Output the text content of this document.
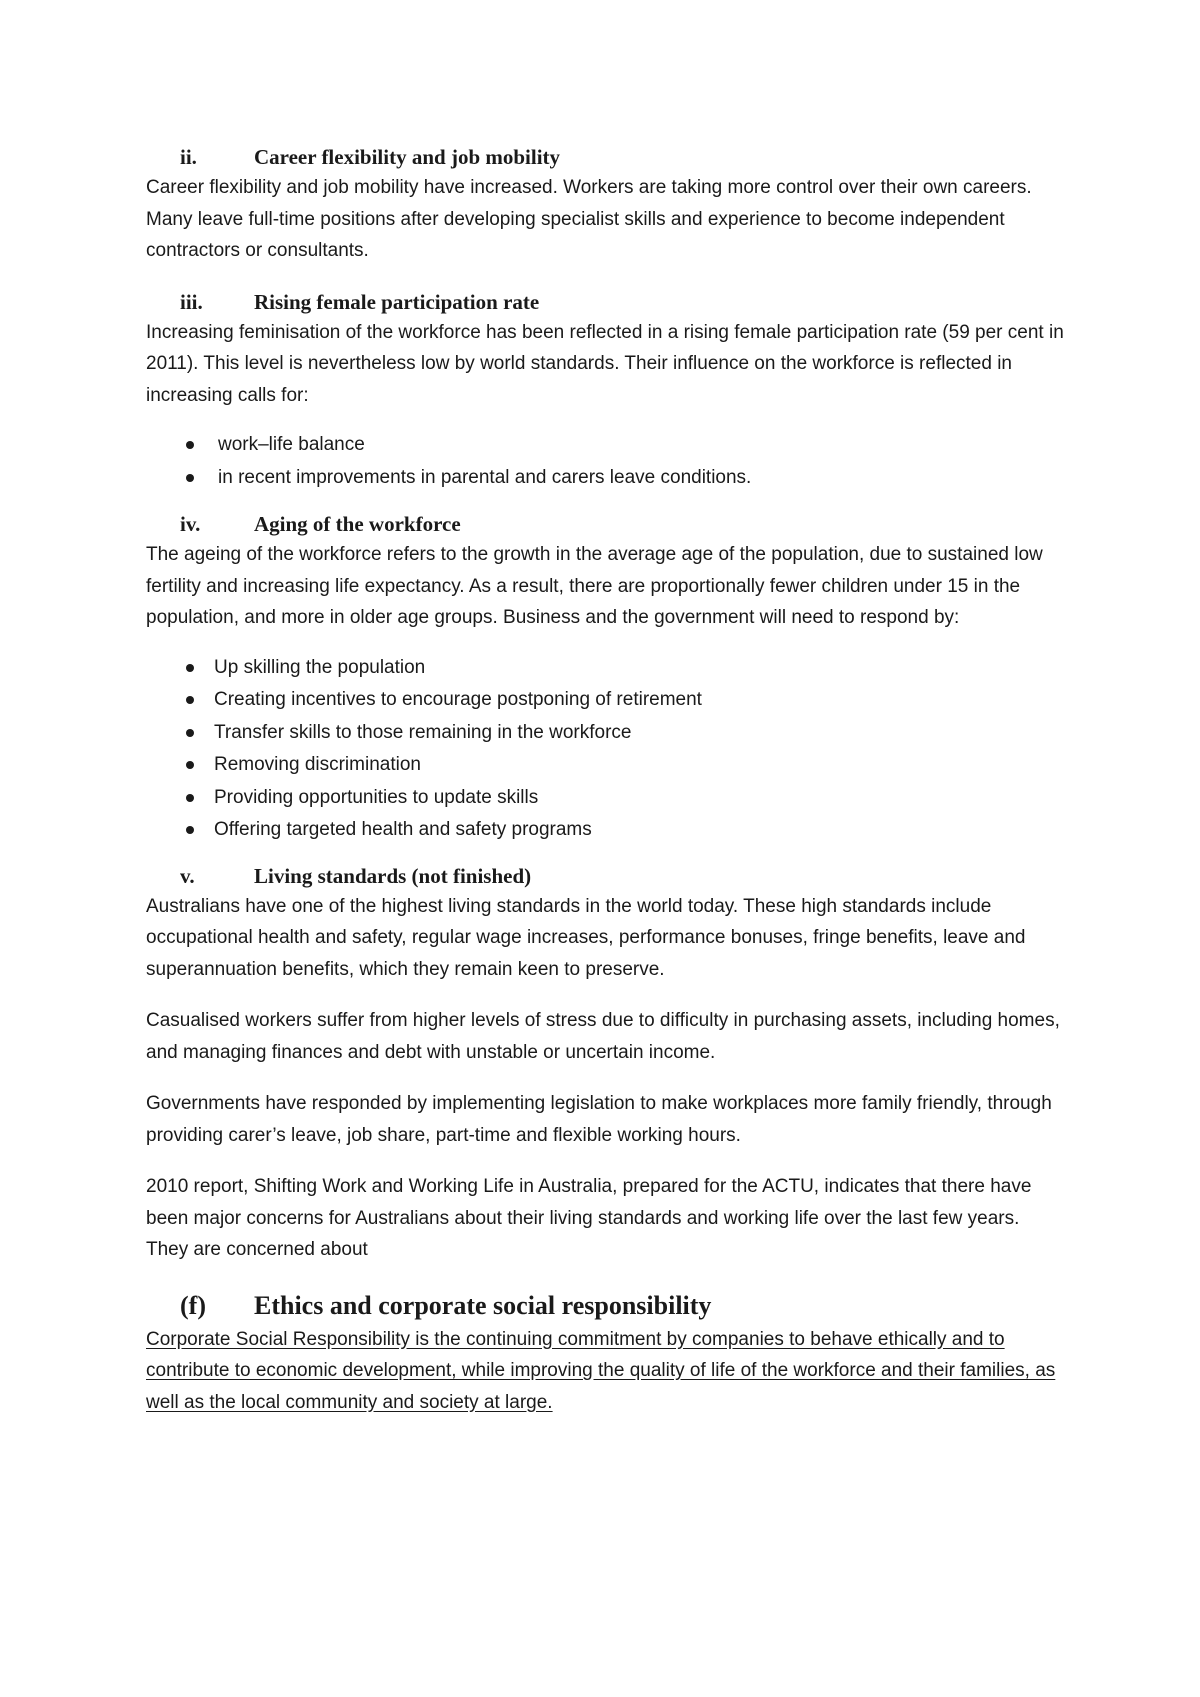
ii.	Career flexibility and job mobility

Career flexibility and job mobility have increased. Workers are taking more control over their own careers. Many leave full-time positions after developing specialist skills and experience to become independent contractors or consultants.

iii.	Rising female participation rate

Increasing feminisation of the workforce has been reflected in a rising female participation rate (59 per cent in 2011). This level is nevertheless low by world standards. Their influence on the workforce is reflected in increasing calls for:

work–life balance
in recent improvements in parental and carers leave conditions.
iv.	Aging of the workforce

The ageing of the workforce refers to the growth in the average age of the population, due to sustained low fertility and increasing life expectancy. As a result, there are proportionally fewer children under 15 in the population, and more in older age groups. Business and the government will need to respond by:

Up skilling the population
Creating incentives to encourage postponing of retirement
Transfer skills to those remaining in the workforce
Removing discrimination
Providing opportunities to update skills
Offering targeted health and safety programs
v.	Living standards (not finished)

Australians have one of the highest living standards in the world today. These high standards include occupational health and safety, regular wage increases, performance bonuses, fringe benefits, leave and superannuation benefits, which they remain keen to preserve.

Casualised workers suffer from higher levels of stress due to difficulty in purchasing assets, including homes, and managing finances and debt with unstable or uncertain income.

Governments have responded by implementing legislation to make workplaces more family friendly, through providing carer’s leave, job share, part-time and flexible working hours.

2010 report, Shifting Work and Working Life in Australia, prepared for the ACTU, indicates that there have been major concerns for Australians about their living standards and working life over the last few years. They are concerned about

(f)	Ethics and corporate social responsibility

Corporate Social Responsibility is the continuing commitment by companies to behave ethically and to contribute to economic development, while improving the quality of life of the workforce and their families, as well as the local community and society at large.
